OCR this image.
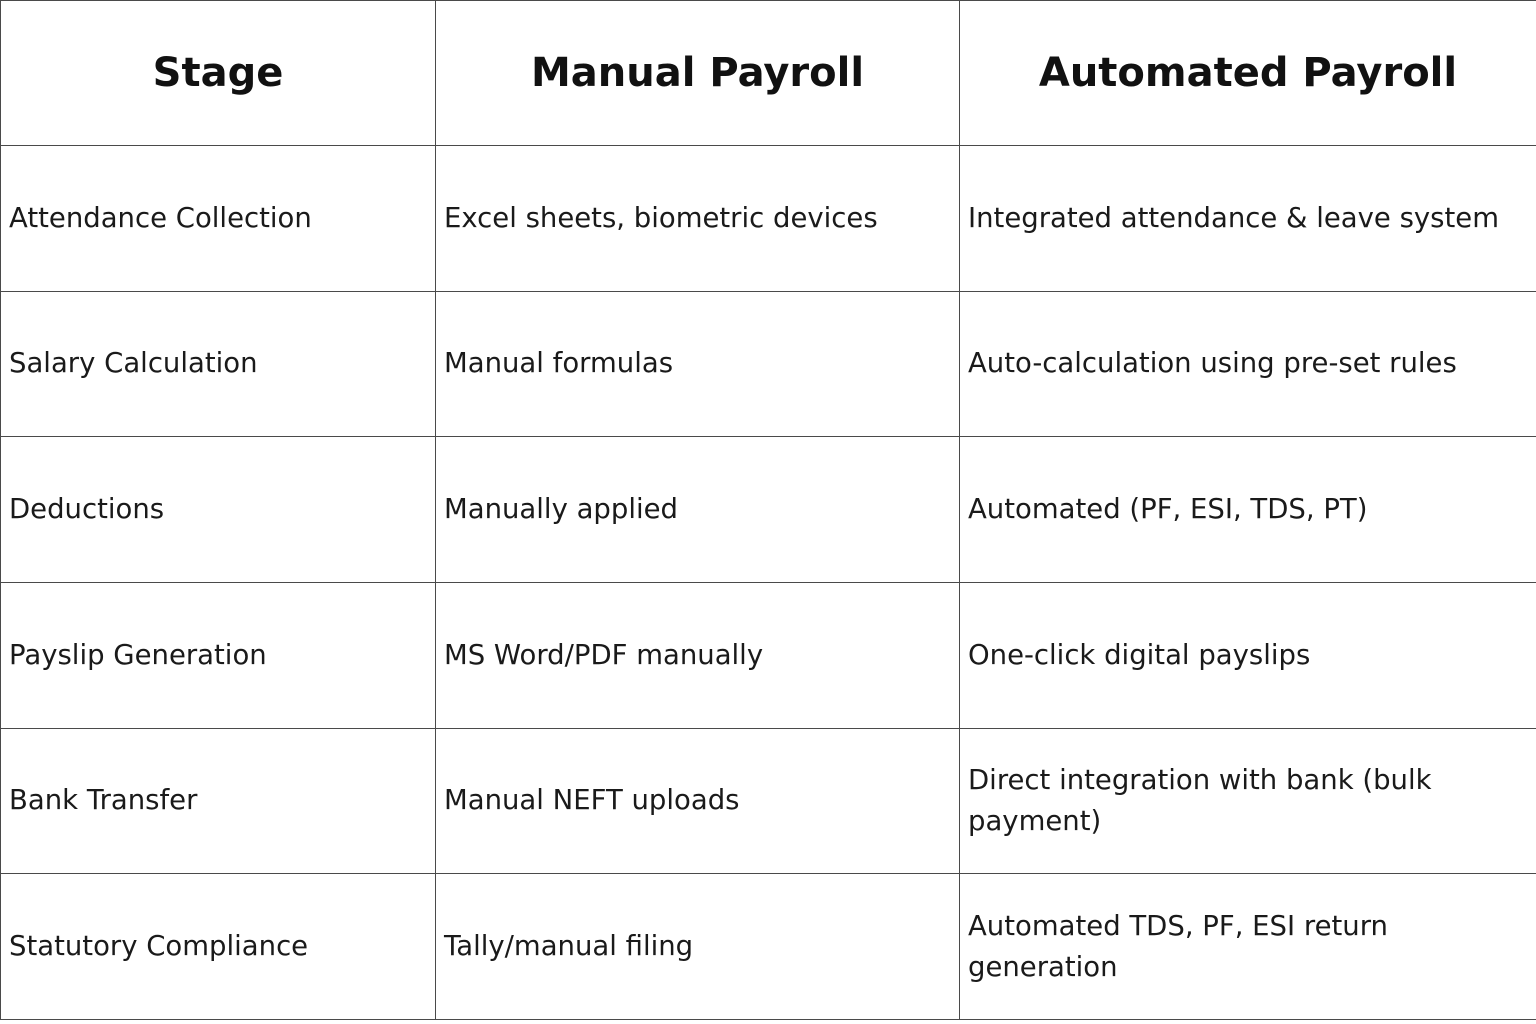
Stage	Manual Payroll	Automated Payroll
Attendance Collection	Excel sheets, biometric devices	Integrated attendance & leave system
Salary Calculation	Manual formulas	Auto-calculation using pre-set rules
Deductions	Manually applied	Automated (PF, ESI, TDS, PT)
Payslip Generation	MS Word/PDF manually	One-click digital payslips
Bank Transfer	Manual NEFT uploads	Direct integration with bank (bulk payment)
Statutory Compliance	Tally/manual filing	Automated TDS, PF, ESI return generation
